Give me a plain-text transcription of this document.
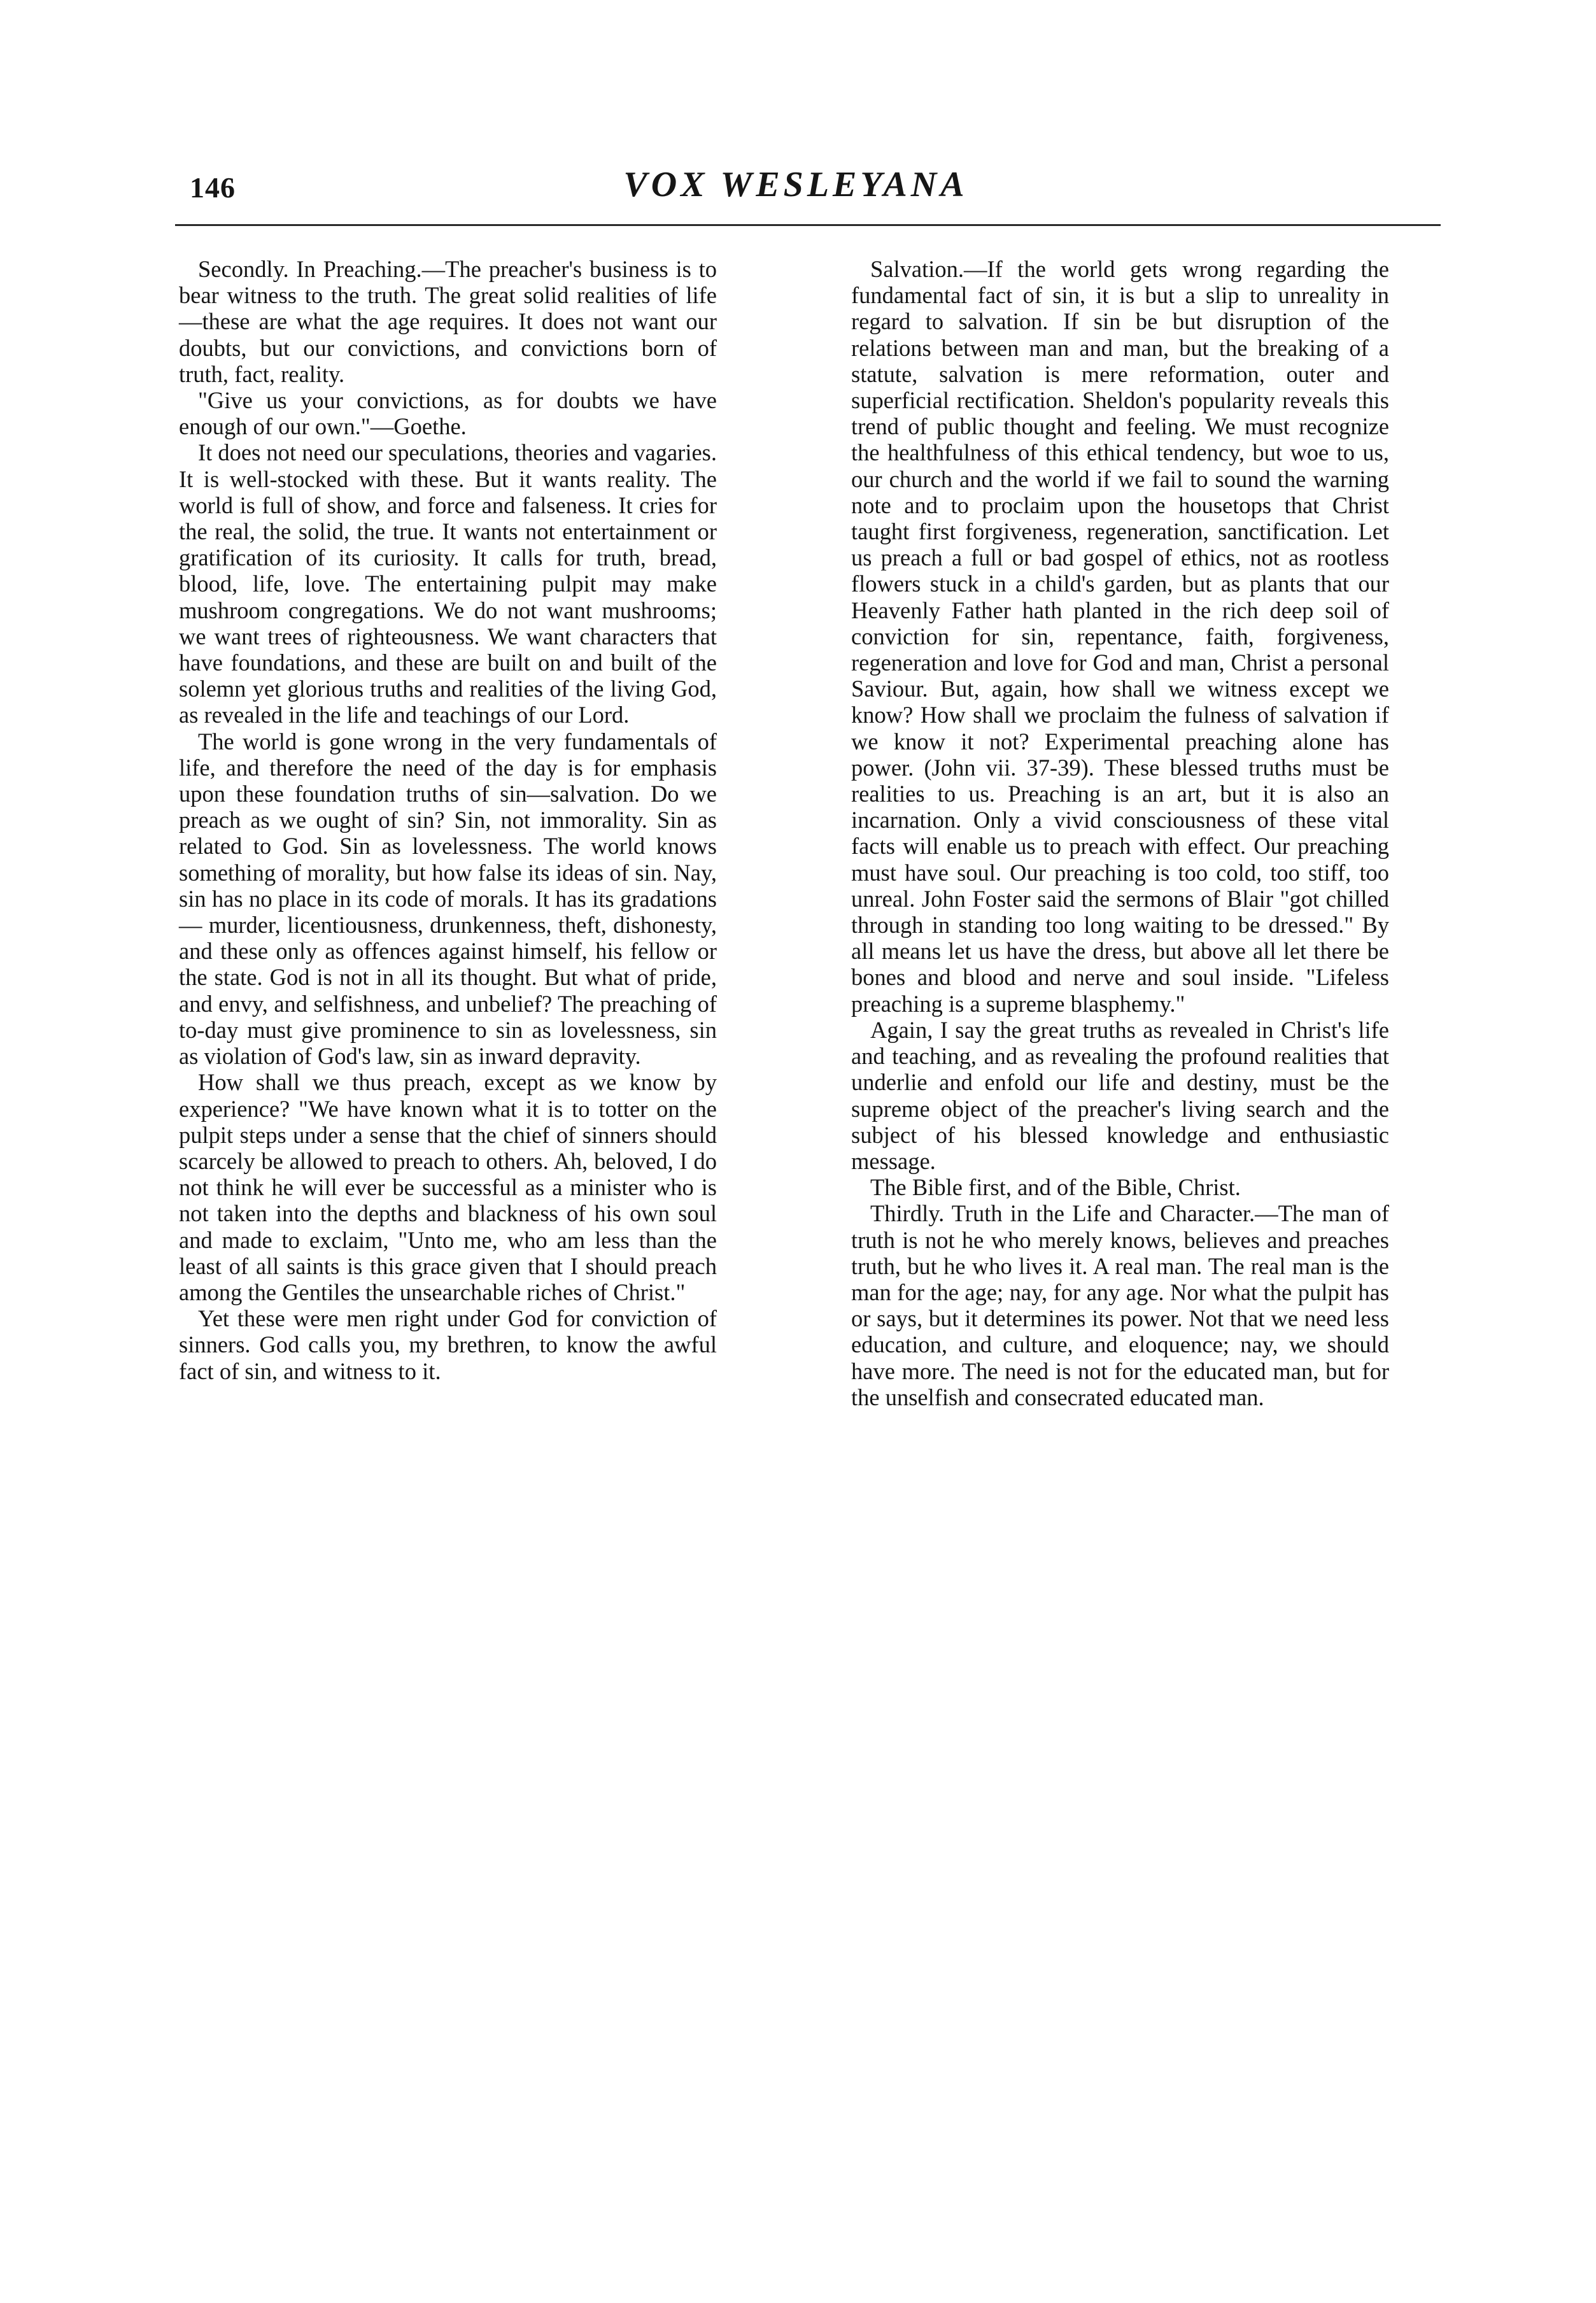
146	VOX WESLEYANA

Secondly. In Preaching.—The preacher's business is to bear witness to the truth. The great solid realities of life—these are what the age requires. It does not want our doubts, but our convictions, and convictions born of truth, fact, reality.

"Give us your convictions, as for doubts we have enough of our own."—Goethe.

It does not need our speculations, theories and vagaries. It is well-stocked with these. But it wants reality. The world is full of show, and force and falseness. It cries for the real, the solid, the true. It wants not entertainment or gratification of its curiosity. It calls for truth, bread, blood, life, love. The entertaining pulpit may make mushroom congregations. We do not want mushrooms; we want trees of righteousness. We want characters that have foundations, and these are built on and built of the solemn yet glorious truths and realities of the living God, as revealed in the life and teachings of our Lord.

The world is gone wrong in the very fundamentals of life, and therefore the need of the day is for emphasis upon these foundation truths of sin—salvation. Do we preach as we ought of sin? Sin, not immorality. Sin as related to God. Sin as lovelessness. The world knows something of morality, but how false its ideas of sin. Nay, sin has no place in its code of morals. It has its gradations — murder, licentiousness, drunkenness, theft, dishonesty, and these only as offences against himself, his fellow or the state. God is not in all its thought. But what of pride, and envy, and selfishness, and unbelief? The preaching of to-day must give prominence to sin as lovelessness, sin as violation of God's law, sin as inward depravity.

How shall we thus preach, except as we know by experience? "We have known what it is to totter on the pulpit steps under a sense that the chief of sinners should scarcely be allowed to preach to others. Ah, beloved, I do not think he will ever be successful as a minister who is not taken into the depths and blackness of his own soul and made to exclaim, "Unto me, who am less than the least of all saints is this grace given that I should preach among the Gentiles the unsearchable riches of Christ."

Yet these were men right under God for conviction of sinners. God calls you, my brethren, to know the awful fact of sin, and witness to it.

Salvation.—If the world gets wrong regarding the fundamental fact of sin, it is but a slip to unreality in regard to salvation. If sin be but disruption of the relations between man and man, but the breaking of a statute, salvation is mere reformation, outer and superficial rectification. Sheldon's popularity reveals this trend of public thought and feeling. We must recognize the healthfulness of this ethical tendency, but woe to us, our church and the world if we fail to sound the warning note and to proclaim upon the housetops that Christ taught first forgiveness, regeneration, sanctification. Let us preach a full or bad gospel of ethics, not as rootless flowers stuck in a child's garden, but as plants that our Heavenly Father hath planted in the rich deep soil of conviction for sin, repentance, faith, forgiveness, regeneration and love for God and man, Christ a personal Saviour. But, again, how shall we witness except we know? How shall we proclaim the fulness of salvation if we know it not? Experimental preaching alone has power. (John vii. 37-39). These blessed truths must be realities to us. Preaching is an art, but it is also an incarnation. Only a vivid consciousness of these vital facts will enable us to preach with effect. Our preaching must have soul. Our preaching is too cold, too stiff, too unreal. John Foster said the sermons of Blair "got chilled through in standing too long waiting to be dressed." By all means let us have the dress, but above all let there be bones and blood and nerve and soul inside. "Lifeless preaching is a supreme blasphemy."

Again, I say the great truths as revealed in Christ's life and teaching, and as revealing the profound realities that underlie and enfold our life and destiny, must be the supreme object of the preacher's living search and the subject of his blessed knowledge and enthusiastic message.

The Bible first, and of the Bible, Christ.

Thirdly. Truth in the Life and Character.—The man of truth is not he who merely knows, believes and preaches truth, but he who lives it. A real man. The real man is the man for the age; nay, for any age. Nor what the pulpit has or says, but it determines its power. Not that we need less education, and culture, and eloquence; nay, we should have more. The need is not for the educated man, but for the unselfish and consecrated educated man.
